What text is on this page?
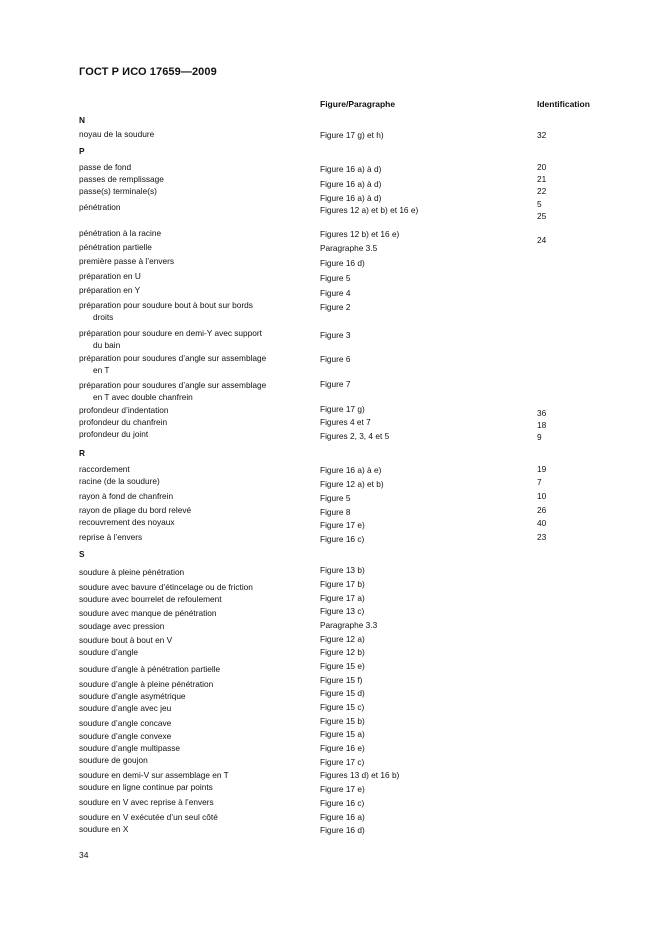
ГОСТ Р ИСО 17659—2009
Figure/Paragraphe	Identification
N
noyau de la soudure
P
passe de fond
passes de remplissage
passe(s) terminale(s)
pénétration
pénétration à la racine
pénétration partielle
première passe à l’envers
préparation en U
préparation en Y
préparation pour soudure bout à bout sur bords
droits
préparation pour soudure en demi-Y avec support
du bain
préparation pour soudures d’angle sur assemblage
en T
préparation pour soudures d’angle sur assemblage
en T avec double chanfrein
profondeur d’indentation
profondeur du chanfrein
profondeur du joint
R
raccordement
racine (de la soudure)
rayon à fond de chanfrein
rayon de pliage du bord relevé
recouvrement des noyaux
reprise à l’envers
S
soudure à pleine pénétration
soudure avec bavure d’étincelage ou de friction
soudure avec bourrelet de refoulement
soudure avec manque de pénétration
soudage avec pression
soudure bout à bout en V
soudure d’angle
soudure d’angle à pénétration partielle
soudure d’angle à pleine pénétration
soudure d’angle asymétrique
soudure d’angle avec jeu
soudure d’angle concave
soudure d’angle convexe
soudure d’angle multipasse
soudure de goujon
soudure en demi-V sur assemblage en T
soudure en ligne continue par points
soudure en V avec reprise à l’envers
soudure en V exécutée d’un seul côté
soudure en X
Figure 17 g) et h)
Figure 16 a) à d)
Figure 16 a) à d)
Figure 16 a) à d)
Figures 12 a) et b) et 16 e)
Figures 12 b) et 16 e)
Paragraphe 3.5
Figure 16 d)
Figure 5
Figure 4
Figure 2
Figure 3
Figure 6
Figure 7
Figure 17 g)
Figures 4 et 7
Figures 2, 3, 4 et 5
Figure 16 a) à e)
Figure 12 a) et b)
Figure 5
Figure 8
Figure 17 e)
Figure 16 c)
Figure 13 b)
Figure 17 b)
Figure 17 a)
Figure 13 c)
Paragraphe 3.3
Figure 12 a)
Figure 12 b)
Figure 15 e)
Figure 15 f)
Figure 15 d)
Figure 15 c)
Figure 15 b)
Figure 15 a)
Figure 16 e)
Figure 17 c)
Figures 13 d) et 16 b)
Figure 17 e)
Figure 16 c)
Figure 16 a)
Figure 16 d)
32
20
21
22
5
25
24
36
18
9
19
7
10
26
40
23
34
